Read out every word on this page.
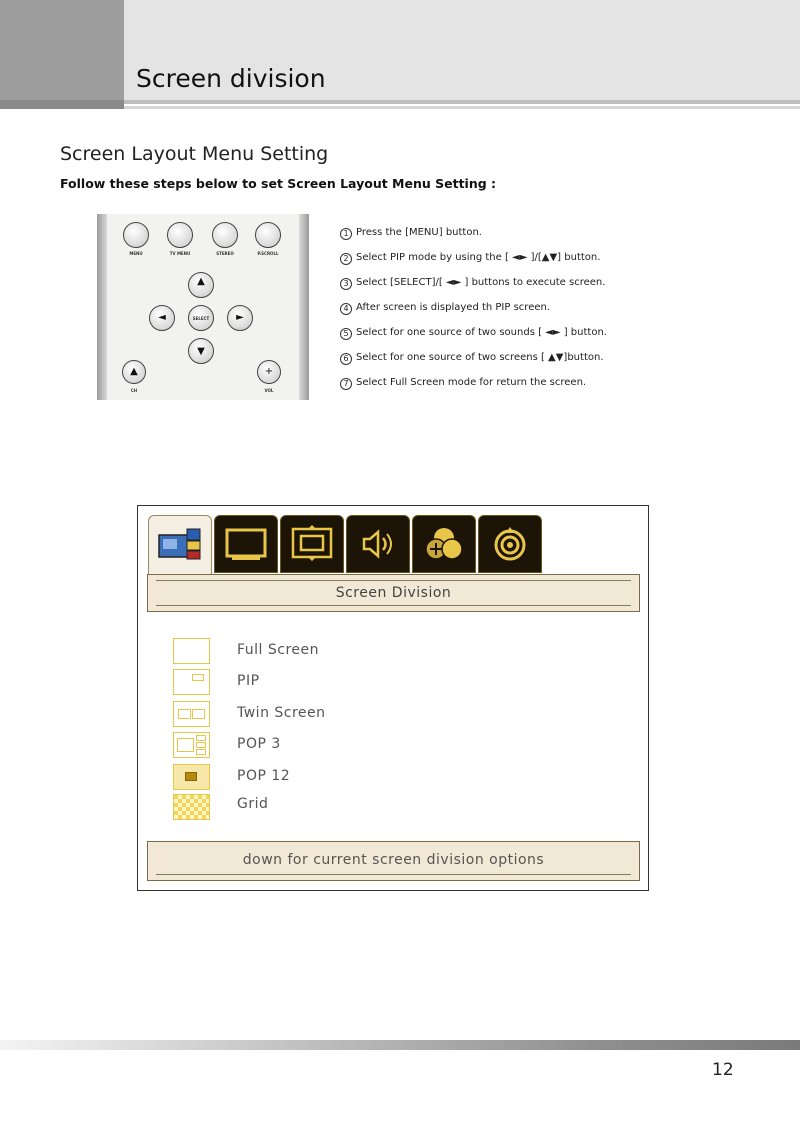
Screen division
Screen Layout Menu Setting
Follow these steps below to set Screen Layout Menu Setting :
MENU	TV MENU	STEREO	P.SCROLL
▲
◄	SELECT	►
▼
▲
CH
+
VOL
1 Press the [MENU] button.
2 Select PIP mode by using the [ ◄► ]/[▲▼] button.
3 Select [SELECT]/[ ◄► ] buttons to execute screen.
4 After screen is displayed th PIP screen.
5 Select for one source of two sounds [ ◄► ] button.
6 Select for one source of two screens [ ▲▼]button.
7 Select Full Screen mode for return the screen.
Screen Division
Full Screen
PIP
Twin Screen
POP 3
POP 12
Grid
down for current screen division options
12
